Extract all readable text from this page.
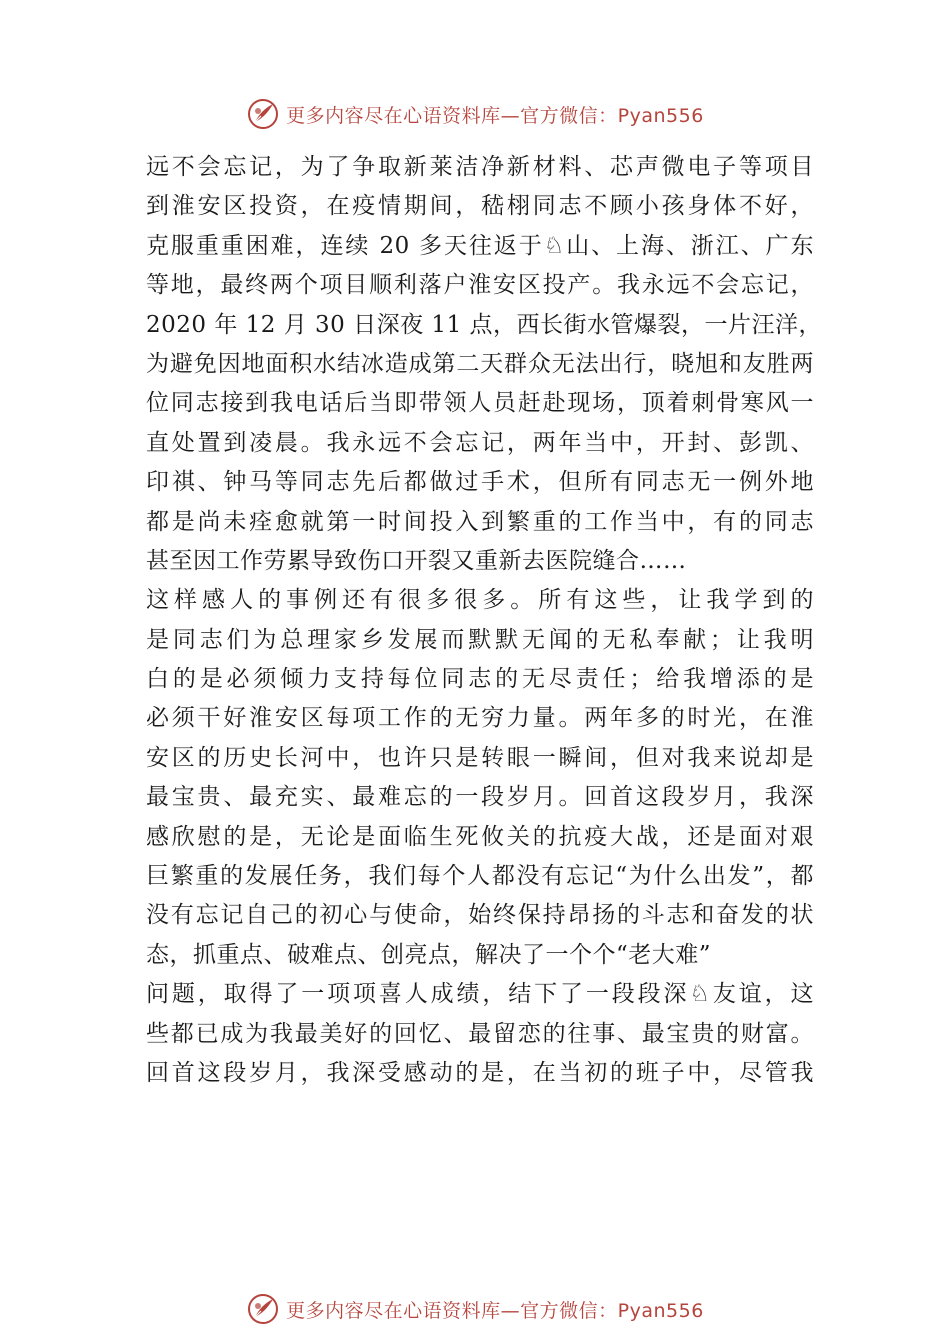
更多内容尽在心语资料库—官方微信：Pyan556
远不会忘记，为了争取新莱洁净新材料、芯声微电子等项目
到淮安区投资，在疫情期间，嵇栩同志不顾小孩身体不好，
克服重重困难，连续 20 多天往返于♘山、上海、浙江、广东
等地，最终两个项目顺利落户淮安区投产。我永远不会忘记，
2020 年 12 月 30 日深夜 11 点，西长街水管爆裂，一片汪洋，
为避免因地面积水结冰造成第二天群众无法出行，晓旭和友胜两
位同志接到我电话后当即带领人员赶赴现场，顶着刺骨寒风一
直处置到凌晨。我永远不会忘记，两年当中，开封、彭凯、
印祺、钟马等同志先后都做过手术，但所有同志无一例外地
都是尚未痊愈就第一时间投入到繁重的工作当中，有的同志
甚至因工作劳累导致伤口开裂又重新去医院缝合……
这样感人的事例还有很多很多。所有这些，让我学到的
是同志们为总理家乡发展而默默无闻的无私奉献；让我明
白的是必须倾力支持每位同志的无尽责任；给我增添的是
必须干好淮安区每项工作的无穷力量。两年多的时光，在淮
安区的历史长河中，也许只是转眼一瞬间，但对我来说却是
最宝贵、最充实、最难忘的一段岁月。回首这段岁月，我深
感欣慰的是，无论是面临生死攸关的抗疫大战，还是面对艰
巨繁重的发展任务，我们每个人都没有忘记“为什么出发”，都
没有忘记自己的初心与使命，始终保持昂扬的斗志和奋发的状
态，抓重点、破难点、创亮点，解决了一个个“老大难”
问题，取得了一项项喜人成绩，结下了一段段深♘友谊，这
些都已成为我最美好的回忆、最留恋的往事、最宝贵的财富。
回首这段岁月，我深受感动的是，在当初的班子中，尽管我
更多内容尽在心语资料库—官方微信：Pyan556
